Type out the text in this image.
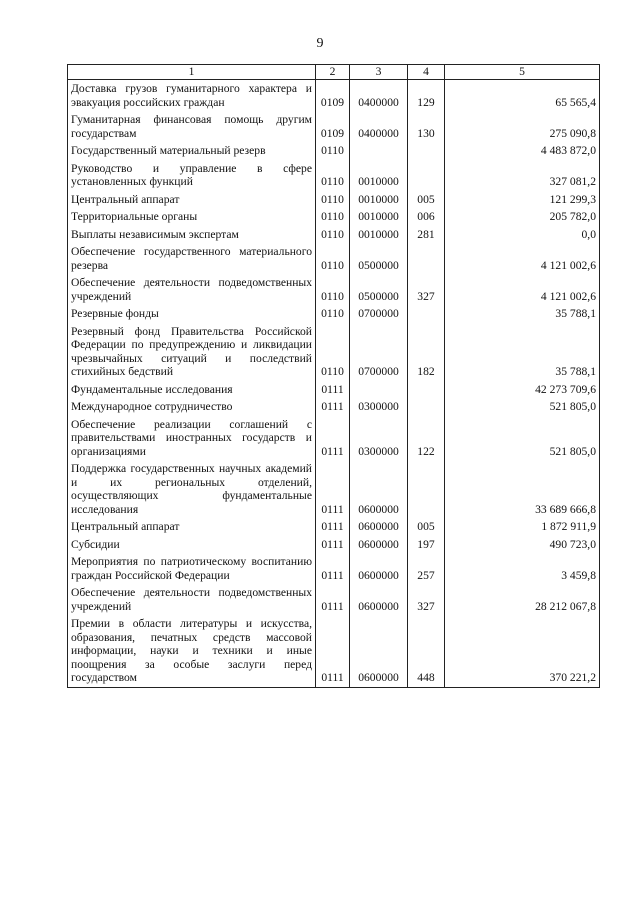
9
1	2	3	4	5
Доставка грузов гуманитарного характера и эвакуация российских граждан	0109	0400000	129	65 565,4
Гуманитарная финансовая помощь другим государствам	0109	0400000	130	275 090,8
Государственный материальный резерв	0110			4 483 872,0
Руководство и управление в сфере установленных функций	0110	0010000		327 081,2
Центральный аппарат	0110	0010000	005	121 299,3
Территориальные органы	0110	0010000	006	205 782,0
Выплаты независимым экспертам	0110	0010000	281	0,0
Обеспечение государственного материального резерва	0110	0500000		4 121 002,6
Обеспечение деятельности подведомственных учреждений	0110	0500000	327	4 121 002,6
Резервные фонды	0110	0700000		35 788,1
Резервный фонд Правительства Российской Федерации по предупреждению и ликвидации чрезвычайных ситуаций и последствий стихийных бедствий	0110	0700000	182	35 788,1
Фундаментальные исследования	0111			42 273 709,6
Международное сотрудничество	0111	0300000		521 805,0
Обеспечение реализации соглашений с правительствами иностранных государств и организациями	0111	0300000	122	521 805,0
Поддержка государственных научных академий и их региональных отделений, осуществляющих фундаментальные исследования	0111	0600000		33 689 666,8
Центральный аппарат	0111	0600000	005	1 872 911,9
Субсидии	0111	0600000	197	490 723,0
Мероприятия по патриотическому воспитанию граждан Российской Федерации	0111	0600000	257	3 459,8
Обеспечение деятельности подведомственных учреждений	0111	0600000	327	28 212 067,8
Премии в области литературы и искусства, образования, печатных средств массовой информации, науки и техники и иные поощрения за особые заслуги перед государством	0111	0600000	448	370 221,2
